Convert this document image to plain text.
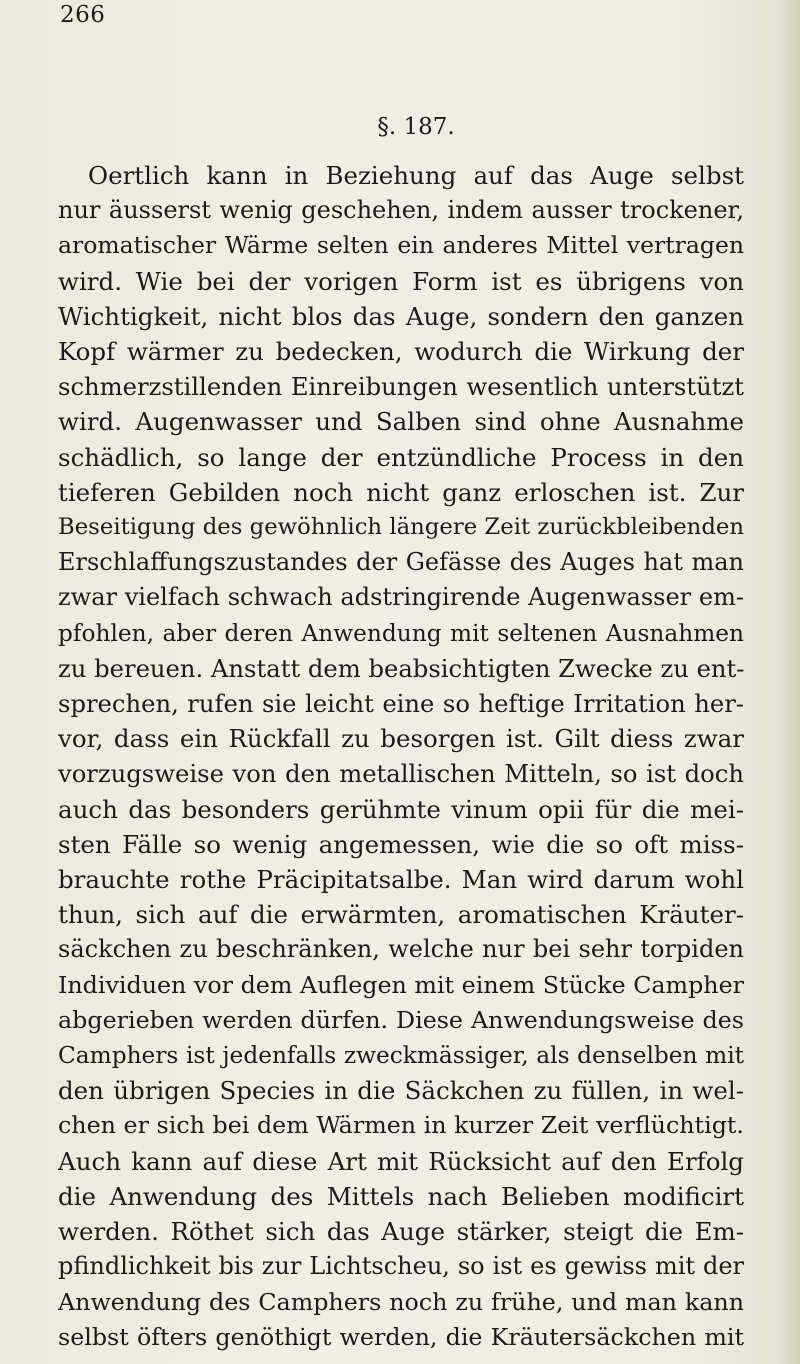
266
§. 187.
Oertlich kann in Beziehung auf das Auge selbst
nur äusserst wenig geschehen, indem ausser trockener,
aromatischer Wärme selten ein anderes Mittel vertragen
wird. Wie bei der vorigen Form ist es übrigens von
Wichtigkeit, nicht blos das Auge, sondern den ganzen
Kopf wärmer zu bedecken, wodurch die Wirkung der
schmerzstillenden Einreibungen wesentlich unterstützt
wird. Augenwasser und Salben sind ohne Ausnahme
schädlich, so lange der entzündliche Process in den
tieferen Gebilden noch nicht ganz erloschen ist. Zur
Beseitigung des gewöhnlich längere Zeit zurückbleibenden
Erschlaffungszustandes der Gefässe des Auges hat man
zwar vielfach schwach adstringirende Augenwasser em-
pfohlen, aber deren Anwendung mit seltenen Ausnahmen
zu bereuen. Anstatt dem beabsichtigten Zwecke zu ent-
sprechen, rufen sie leicht eine so heftige Irritation her-
vor, dass ein Rückfall zu besorgen ist. Gilt diess zwar
vorzugsweise von den metallischen Mitteln, so ist doch
auch das besonders gerühmte vinum opii für die mei-
sten Fälle so wenig angemessen, wie die so oft miss-
brauchte rothe Präcipitatsalbe. Man wird darum wohl
thun, sich auf die erwärmten, aromatischen Kräuter-
säckchen zu beschränken, welche nur bei sehr torpiden
Individuen vor dem Auflegen mit einem Stücke Campher
abgerieben werden dürfen. Diese Anwendungsweise des
Camphers ist jedenfalls zweckmässiger, als denselben mit
den übrigen Species in die Säckchen zu füllen, in wel-
chen er sich bei dem Wärmen in kurzer Zeit verflüchtigt.
Auch kann auf diese Art mit Rücksicht auf den Erfolg
die Anwendung des Mittels nach Belieben modificirt
werden. Röthet sich das Auge stärker, steigt die Em-
pfindlichkeit bis zur Lichtscheu, so ist es gewiss mit der
Anwendung des Camphers noch zu frühe, und man kann
selbst öfters genöthigt werden, die Kräutersäckchen mit
